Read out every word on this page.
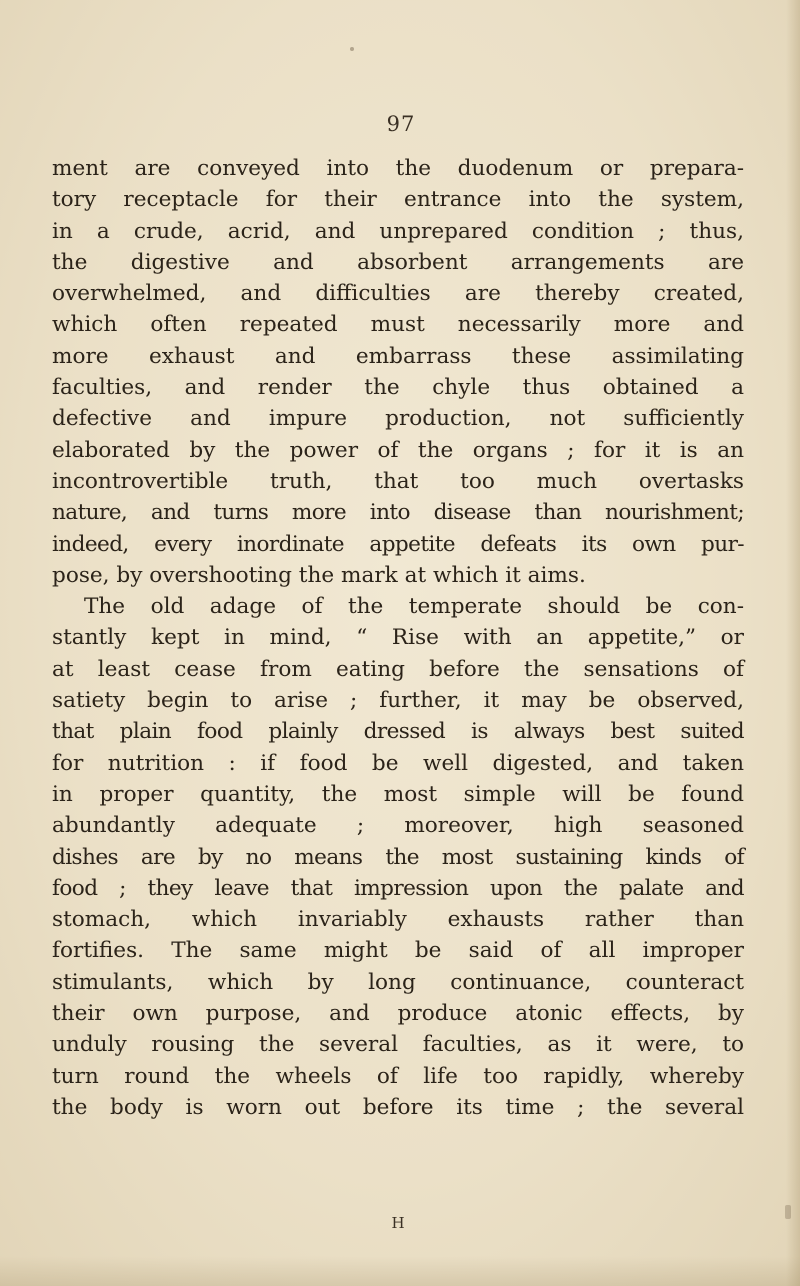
97
ment are conveyed into the duodenum or prepara-
tory receptacle for their entrance into the system,
in a crude, acrid, and unprepared condition ; thus,
the digestive and absorbent arrangements are
overwhelmed, and difficulties are thereby created,
which often repeated must necessarily more and
more exhaust and embarrass these assimilating
faculties, and render the chyle thus obtained a
defective and impure production, not sufficiently
elaborated by the power of the organs ; for it is an
incontrovertible truth, that too much overtasks
nature, and turns more into disease than nourishment;
indeed, every inordinate appetite defeats its own pur-
pose, by overshooting the mark at which it aims.
The old adage of the temperate should be con-
stantly kept in mind, “ Rise with an appetite,” or
at least cease from eating before the sensations of
satiety begin to arise ; further, it may be observed,
that plain food plainly dressed is always best suited
for nutrition : if food be well digested, and taken
in proper quantity, the most simple will be found
abundantly adequate ; moreover, high seasoned
dishes are by no means the most sustaining kinds of
food ; they leave that impression upon the palate and
stomach, which invariably exhausts rather than
fortifies. The same might be said of all improper
stimulants, which by long continuance, counteract
their own purpose, and produce atonic effects, by
unduly rousing the several faculties, as it were, to
turn round the wheels of life too rapidly, whereby
the body is worn out before its time ; the several
H
